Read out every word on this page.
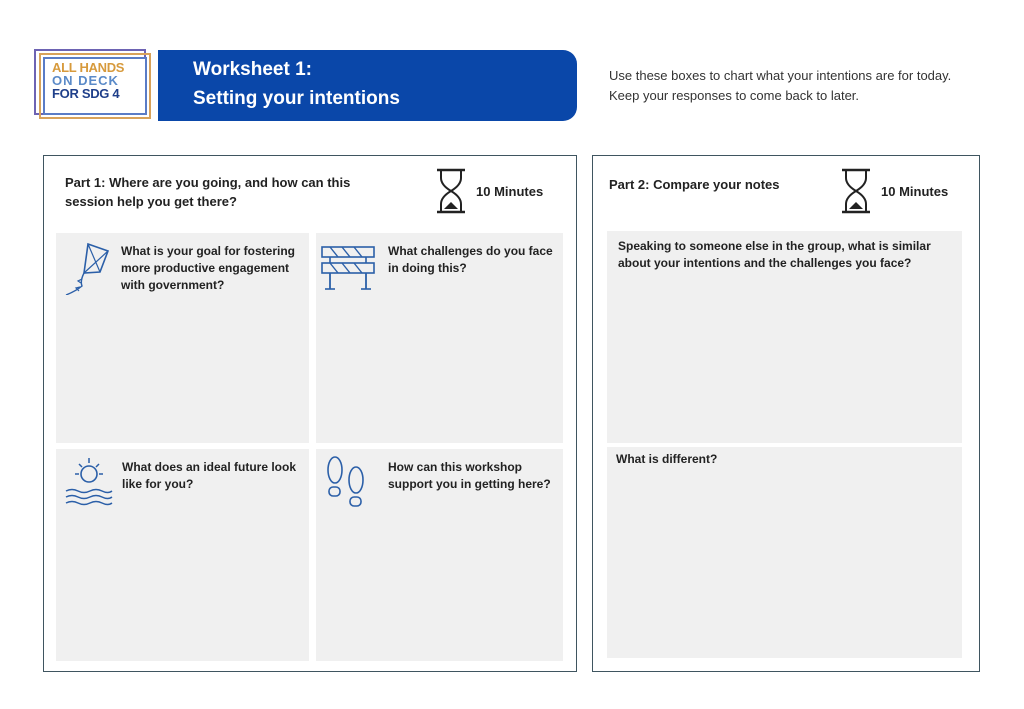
ALL HANDS
ON DECK
FOR SDG 4
Worksheet 1:
Setting your intentions
Use these boxes to chart what your intentions are for today. Keep your responses to come back to later.
Part 1: Where are you going, and how can this session help you get there?
10 Minutes
What is your goal for fostering more productive engagement with government?
What challenges do you face in doing this?
What does an ideal future look like for you?
How can this workshop support you in getting here?
Part 2: Compare your notes	10 Minutes
Speaking to someone else in the group, what is similar about your intentions and the challenges you face?
What is different?
